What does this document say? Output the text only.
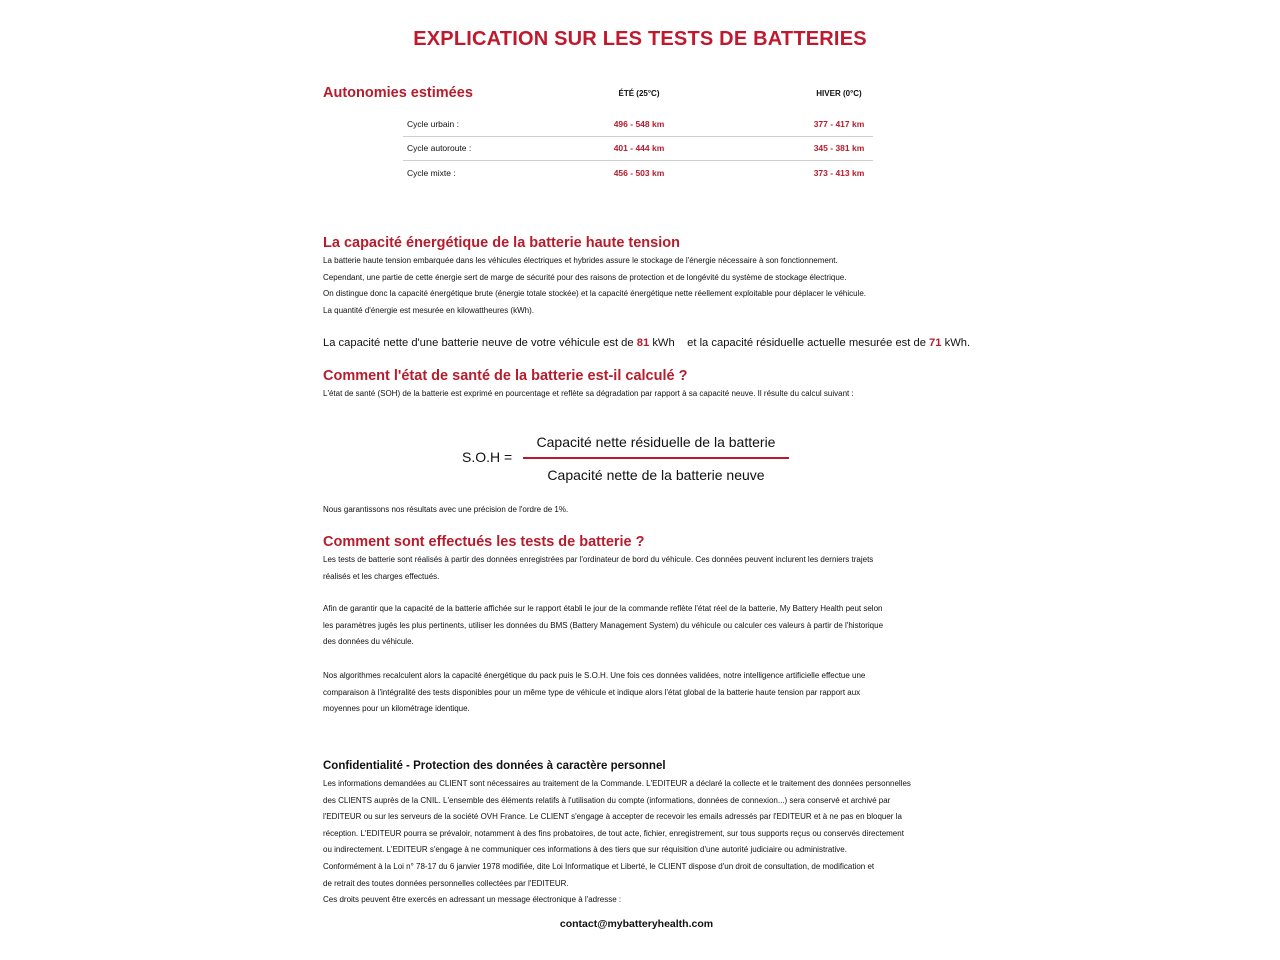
EXPLICATION SUR LES TESTS DE BATTERIES
Autonomies estimées	ÉTÉ (25°C)	HIVER (0°C)
Cycle urbain :	496 - 548 km	377 - 417 km
Cycle autoroute :	401 - 444 km	345 - 381 km
Cycle mixte :	456 - 503 km	373 - 413 km
La capacité énergétique de la batterie haute tension
La batterie haute tension embarquée dans les véhicules électriques et hybrides assure le stockage de l'énergie nécessaire à son fonctionnement.
Cependant, une partie de cette énergie sert de marge de sécurité pour des raisons de protection et de longévité du système de stockage électrique.
On distingue donc la capacité énergétique brute (énergie totale stockée) et la capacité énergétique nette réellement exploitable pour déplacer le véhicule.
La quantité d'énergie est mesurée en kilowattheures (kWh).
La capacité nette d'une batterie neuve de votre véhicule est de 81 kWh et la capacité résiduelle actuelle mesurée est de 71 kWh.
Comment l'état de santé de la batterie est-il calculé ?
L'état de santé (SOH) de la batterie est exprimé en pourcentage et reflète sa dégradation par rapport à sa capacité neuve. Il résulte du calcul suivant :
S.O.H =
Capacité nette résiduelle de la batterie
Capacité nette de la batterie neuve
Nous garantissons nos résultats avec une précision de l'ordre de 1%.
Comment sont effectués les tests de batterie ?
Les tests de batterie sont réalisés à partir des données enregistrées par l'ordinateur de bord du véhicule. Ces données peuvent inclurent les derniers trajets
réalisés et les charges effectués.
Afin de garantir que la capacité de la batterie affichée sur le rapport établi le jour de la commande reflète l'état réel de la batterie, My Battery Health peut selon
les paramètres jugés les plus pertinents, utiliser les données du BMS (Battery Management System) du véhicule ou calculer ces valeurs à partir de l'historique
des données du véhicule.
Nos algorithmes recalculent alors la capacité énergétique du pack puis le S.O.H. Une fois ces données validées, notre intelligence artificielle effectue une
comparaison à l'intégralité des tests disponibles pour un même type de véhicule et indique alors l'état global de la batterie haute tension par rapport aux
moyennes pour un kilométrage identique.
Confidentialité - Protection des données à caractère personnel
Les informations demandées au CLIENT sont nécessaires au traitement de la Commande. L'EDITEUR a déclaré la collecte et le traitement des données personnelles
des CLIENTS auprès de la CNIL. L'ensemble des éléments relatifs à l'utilisation du compte (informations, données de connexion...) sera conservé et archivé par
l'EDITEUR ou sur les serveurs de la société OVH France. Le CLIENT s'engage à accepter de recevoir les emails adressés par l'EDITEUR et à ne pas en bloquer la
réception. L'EDITEUR pourra se prévaloir, notamment à des fins probatoires, de tout acte, fichier, enregistrement, sur tous supports reçus ou conservés directement
ou indirectement. L'EDITEUR s'engage à ne communiquer ces informations à des tiers que sur réquisition d'une autorité judiciaire ou administrative.
Conformément à la Loi n° 78-17 du 6 janvier 1978 modifiée, dite Loi Informatique et Liberté, le CLIENT dispose d'un droit de consultation, de modification et
de retrait des toutes données personnelles collectées par l'EDITEUR.
Ces droits peuvent être exercés en adressant un message électronique à l'adresse :
contact@mybatteryhealth.com
